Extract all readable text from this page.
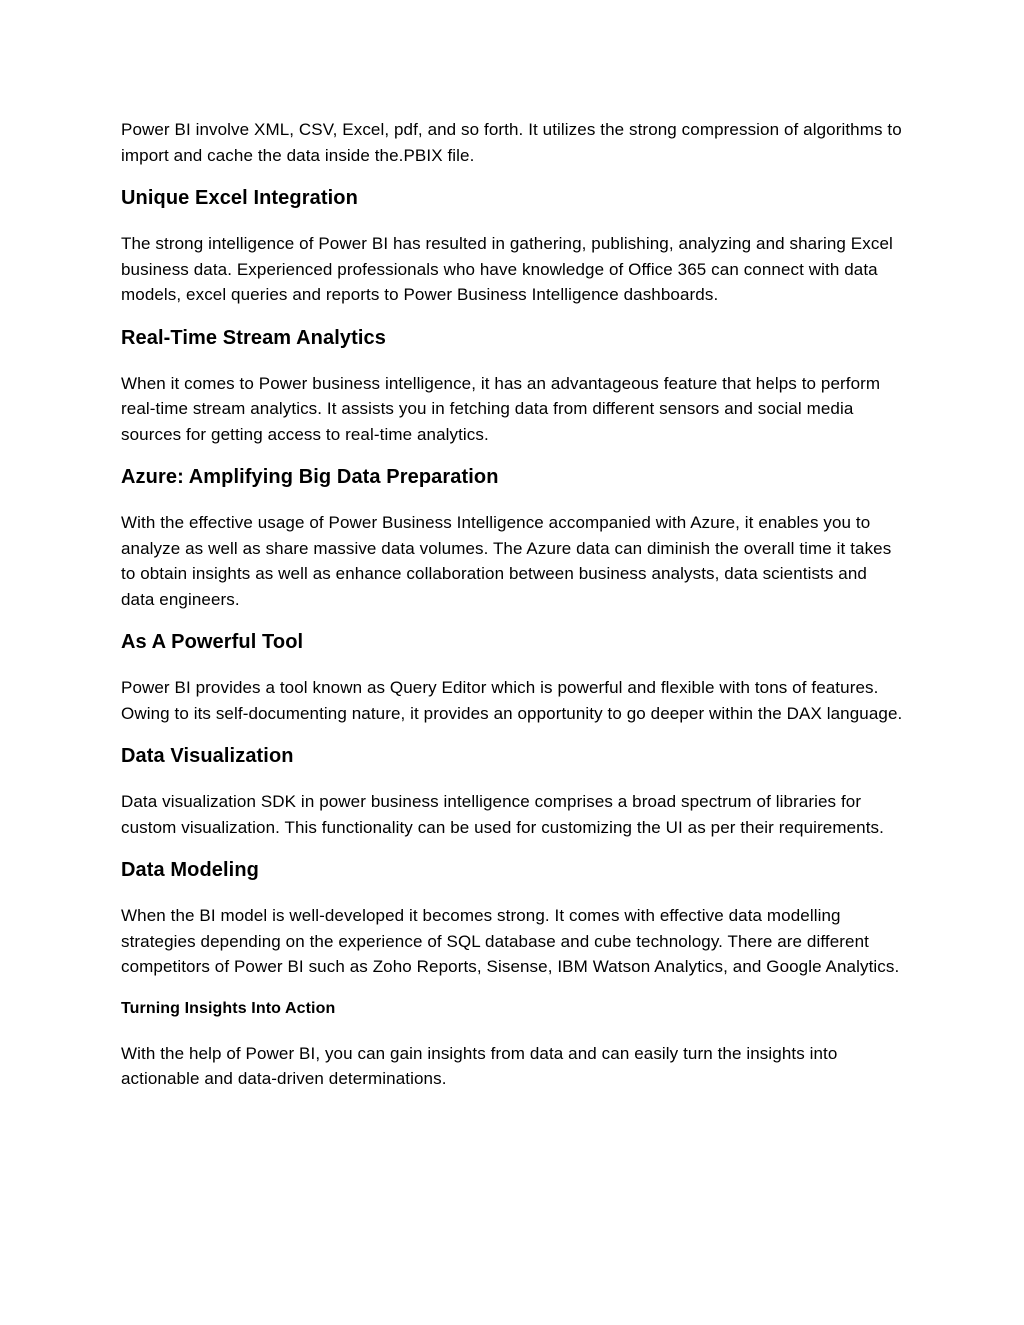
Power BI involve XML, CSV, Excel, pdf, and so forth. It utilizes the strong compression of algorithms to import and cache the data inside the.PBIX file.

Unique Excel Integration

The strong intelligence of Power BI has resulted in gathering, publishing, analyzing and sharing Excel business data. Experienced professionals who have knowledge of Office 365 can connect with data models, excel queries and reports to Power Business Intelligence dashboards.

Real-Time Stream Analytics

When it comes to Power business intelligence, it has an advantageous feature that helps to perform real-time stream analytics. It assists you in fetching data from different sensors and social media sources for getting access to real-time analytics.

Azure: Amplifying Big Data Preparation

With the effective usage of Power Business Intelligence accompanied with Azure, it enables you to analyze as well as share massive data volumes. The Azure data can diminish the overall time it takes to obtain insights as well as enhance collaboration between business analysts, data scientists and data engineers.

As A Powerful Tool

Power BI provides a tool known as Query Editor which is powerful and flexible with tons of features. Owing to its self-documenting nature, it provides an opportunity to go deeper within the DAX language.

Data Visualization

Data visualization SDK in power business intelligence comprises a broad spectrum of libraries for custom visualization. This functionality can be used for customizing the UI as per their requirements.

Data Modeling

When the BI model is well-developed it becomes strong. It comes with effective data modelling strategies depending on the experience of SQL database and cube technology. There are different competitors of Power BI such as Zoho Reports, Sisense, IBM Watson Analytics, and Google Analytics.

Turning Insights Into Action

With the help of Power BI, you can gain insights from data and can easily turn the insights into actionable and data-driven determinations.
